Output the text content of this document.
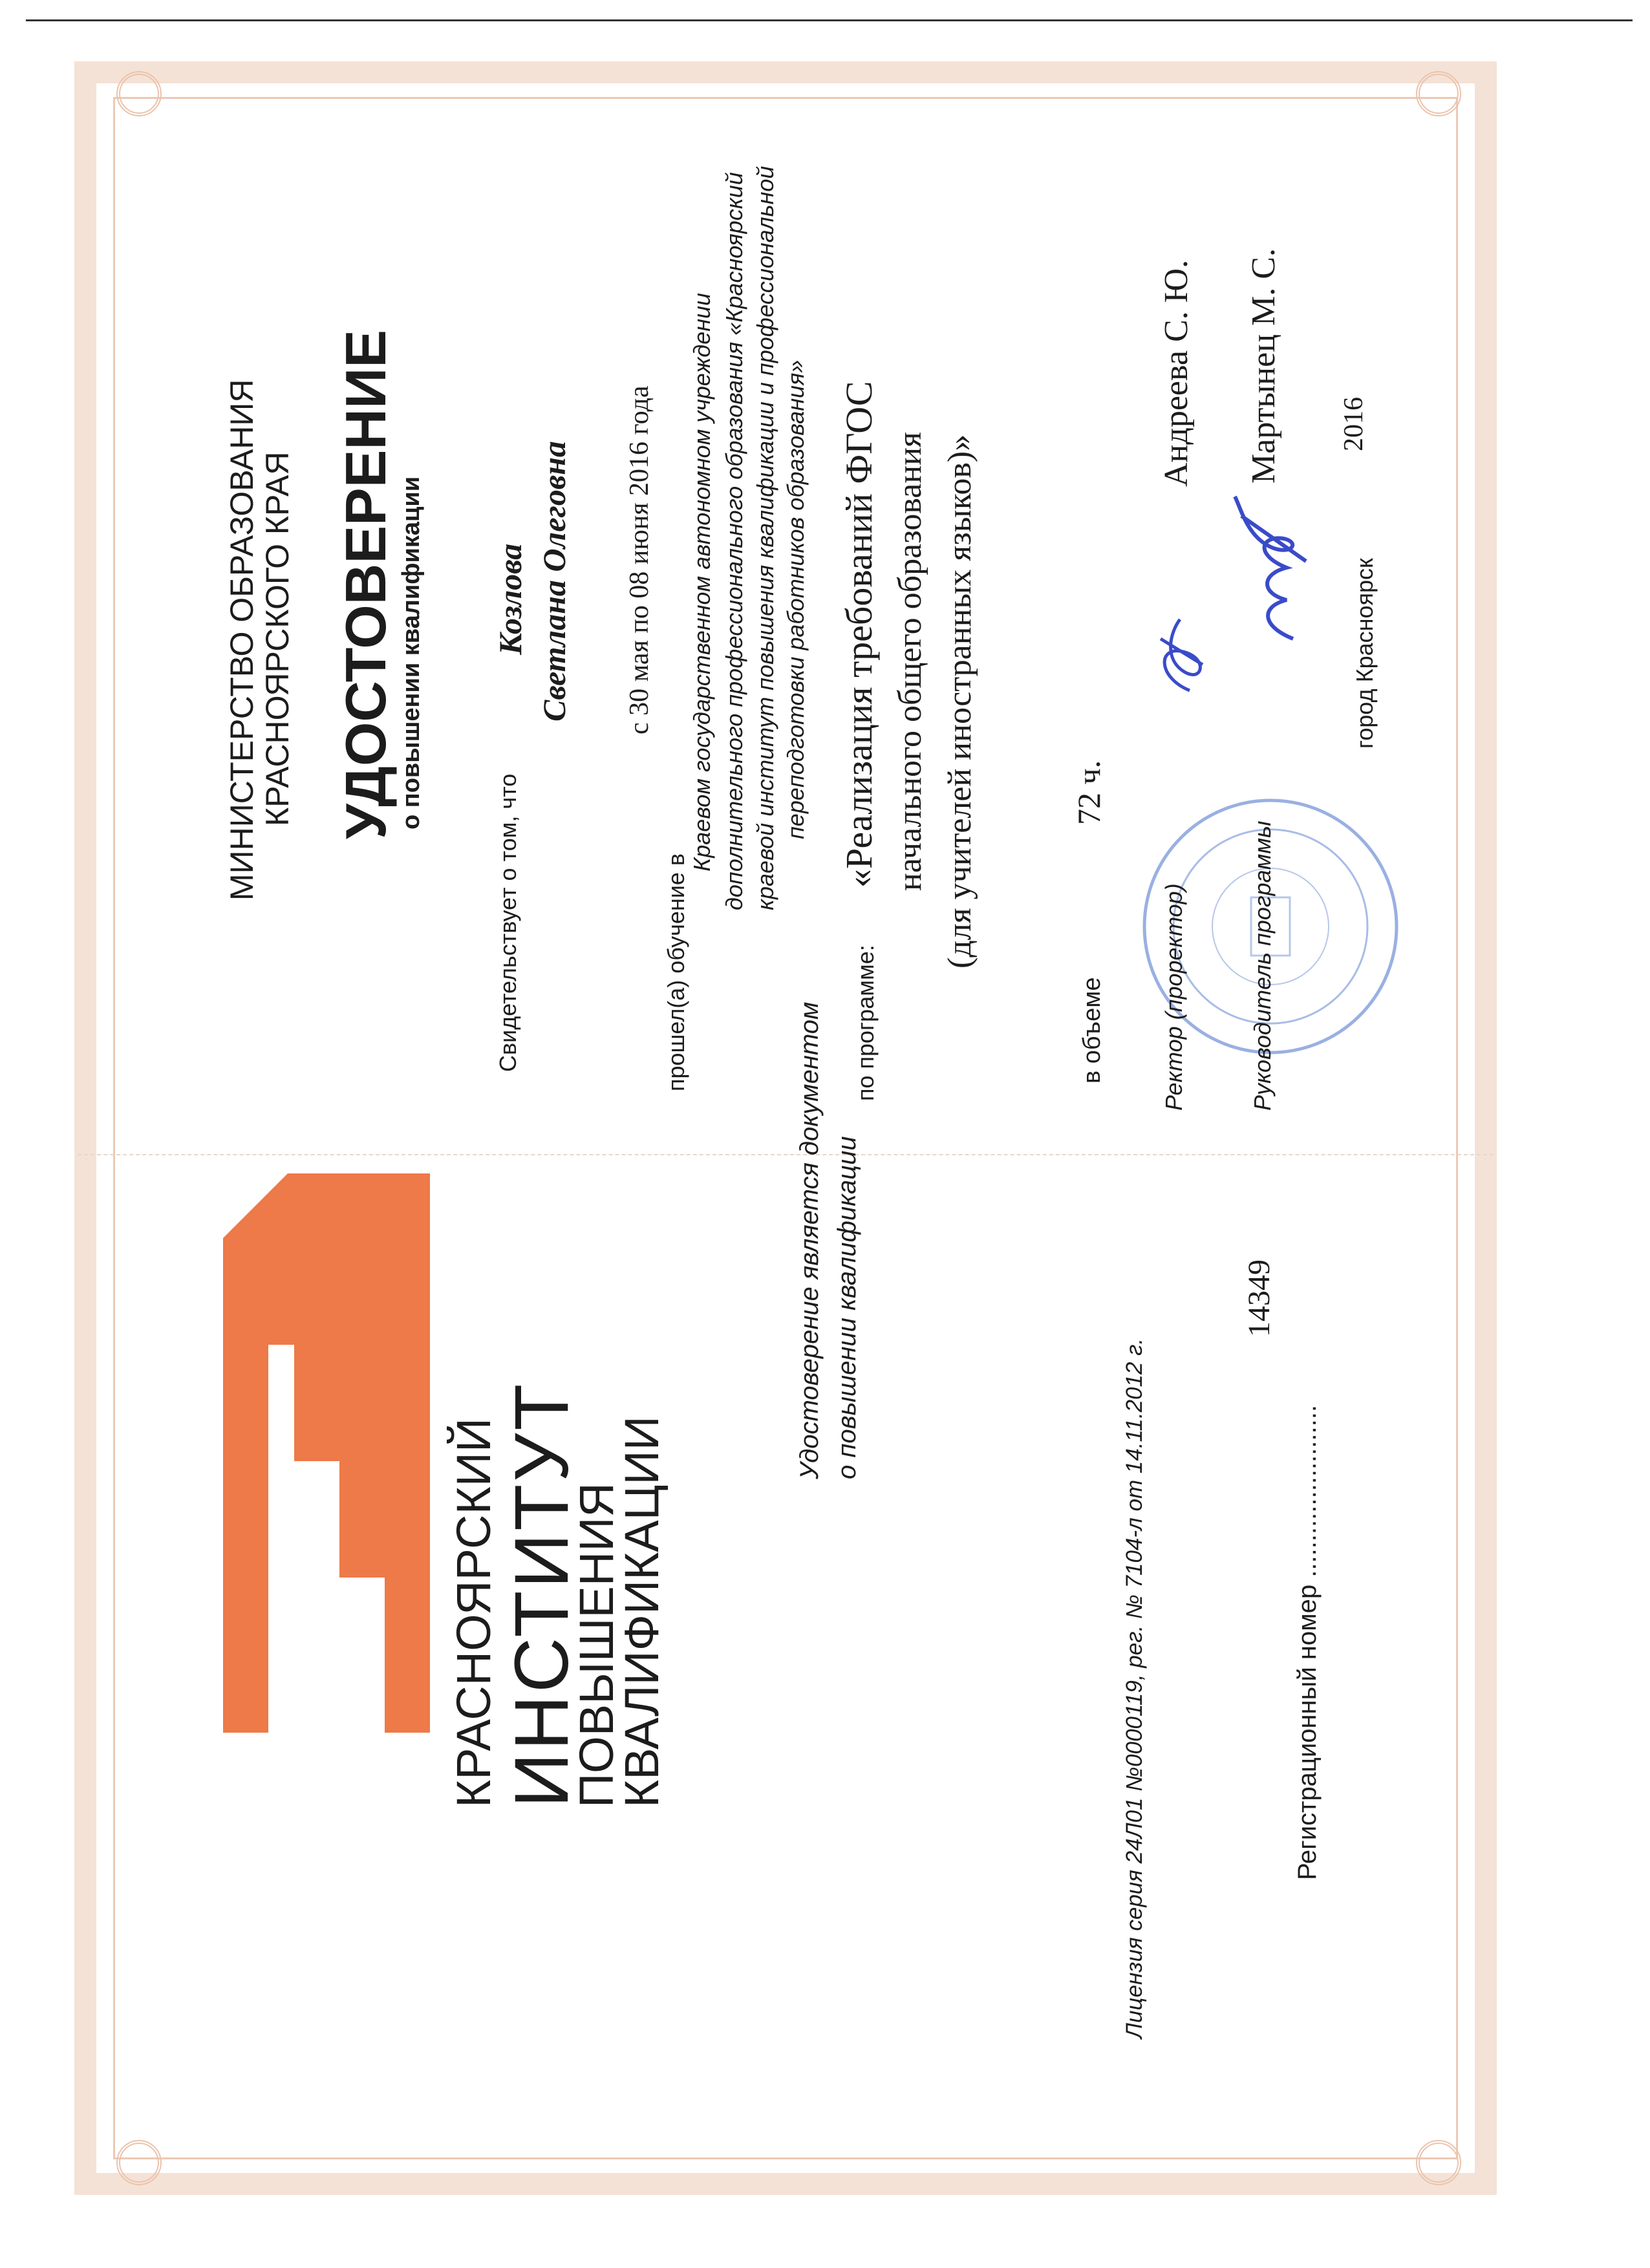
КРАСНОЯРСКИЙ
ИНСТИТУТ
ПОВЫШЕНИЯ
КВАЛИФИКАЦИИ
Удостоверение является документом о повышении квалификации
Лицензия серия 24Л01 №0000119, рег. № 7104-л от 14.11.2012 г.
14349
Регистрационный номер ........................
МИНИСТЕРСТВО ОБРАЗОВАНИЯ КРАСНОЯРСКОГО КРАЯ УДОСТОВЕРЕНИЕ о повышении квалификации
Свидетельствует о том, что
Козлова Светлана Олеговна с 30 мая по 08 июня 2016 года
прошел(а) обучение в
Краевом государственном автономном учреждении дополнительного профессионального образования «Красноярский краевой институт повышения квалификации и профессиональной переподготовки работников образования»
по программе:
«Реализация требований ФГОС начального общего образования (для учителей иностранных языков)»
в объеме
72 ч.
Ректор (проректор)
Андреева С. Ю.
Руководитель программы
Мартынец М. С.
город Красноярск
2016
